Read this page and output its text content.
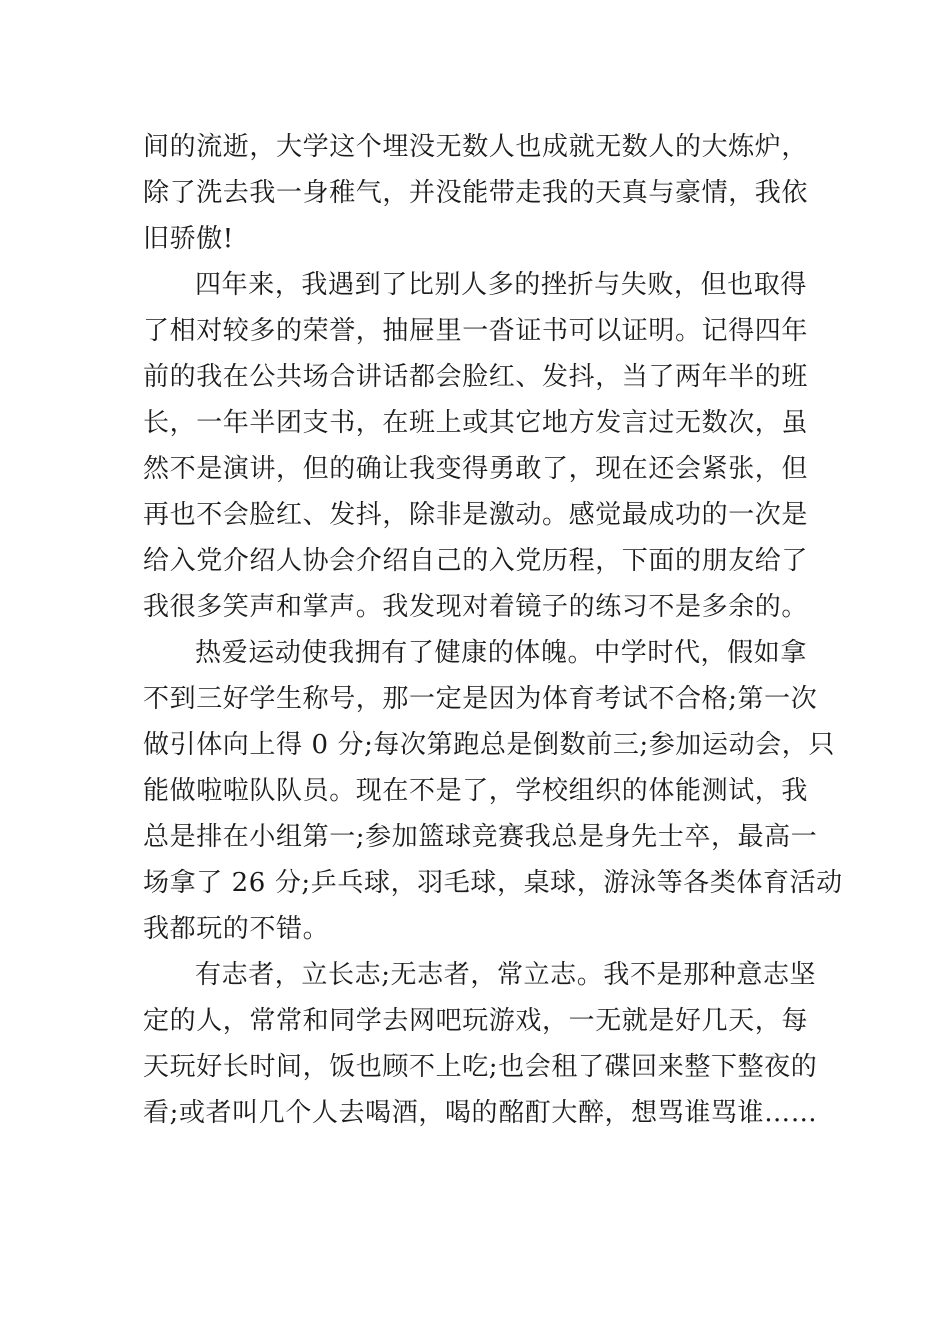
间的流逝，大学这个埋没无数人也成就无数人的大炼炉，
除了洗去我一身稚气，并没能带走我的天真与豪情，我依
旧骄傲!
四年来，我遇到了比别人多的挫折与失败，但也取得
了相对较多的荣誉，抽屉里一沓证书可以证明。记得四年
前的我在公共场合讲话都会脸红、发抖，当了两年半的班
长，一年半团支书，在班上或其它地方发言过无数次，虽
然不是演讲，但的确让我变得勇敢了，现在还会紧张，但
再也不会脸红、发抖，除非是激动。感觉最成功的一次是
给入党介绍人协会介绍自己的入党历程，下面的朋友给了
我很多笑声和掌声。我发现对着镜子的练习不是多余的。
热爱运动使我拥有了健康的体魄。中学时代，假如拿
不到三好学生称号，那一定是因为体育考试不合格;第一次
做引体向上得 0 分;每次第跑总是倒数前三;参加运动会，只
能做啦啦队队员。现在不是了，学校组织的体能测试，我
总是排在小组第一;参加篮球竞赛我总是身先士卒，最高一
场拿了 26 分;乒乓球，羽毛球，桌球，游泳等各类体育活动
我都玩的不错。
有志者，立长志;无志者，常立志。我不是那种意志坚
定的人，常常和同学去网吧玩游戏，一无就是好几天，每
天玩好长时间，饭也顾不上吃;也会租了碟回来整下整夜的
看;或者叫几个人去喝酒，喝的酩酊大醉，想骂谁骂谁……
